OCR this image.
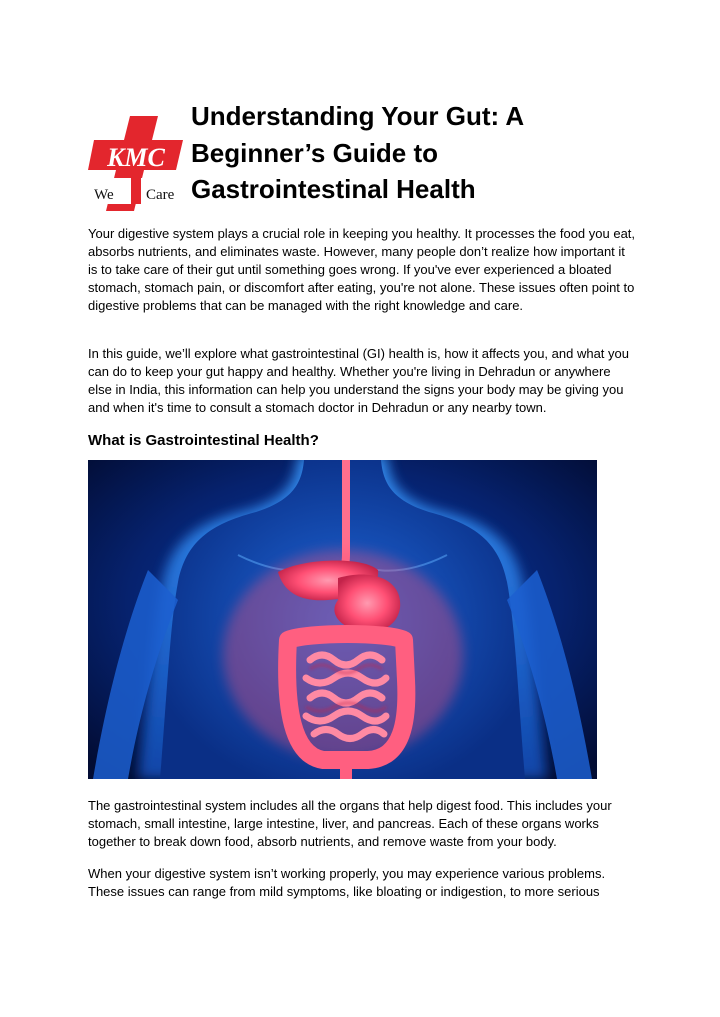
KMC
We Care
Understanding Your Gut: A Beginner’s Guide to Gastrointestinal Health

Your digestive system plays a crucial role in keeping you healthy. It processes the food you eat, absorbs nutrients, and eliminates waste. However, many people don’t realize how important it is to take care of their gut until something goes wrong. If you've ever experienced a bloated stomach, stomach pain, or discomfort after eating, you're not alone. These issues often point to digestive problems that can be managed with the right knowledge and care.

In this guide, we’ll explore what gastrointestinal (GI) health is, how it affects you, and what you can do to keep your gut happy and healthy. Whether you're living in Dehradun or anywhere else in India, this information can help you understand the signs your body may be giving you and when it's time to consult a stomach doctor in Dehradun or any nearby town.

What is Gastrointestinal Health?

The gastrointestinal system includes all the organs that help digest food. This includes your stomach, small intestine, large intestine, liver, and pancreas. Each of these organs works together to break down food, absorb nutrients, and remove waste from your body.

When your digestive system isn’t working properly, you may experience various problems. These issues can range from mild symptoms, like bloating or indigestion, to more serious
